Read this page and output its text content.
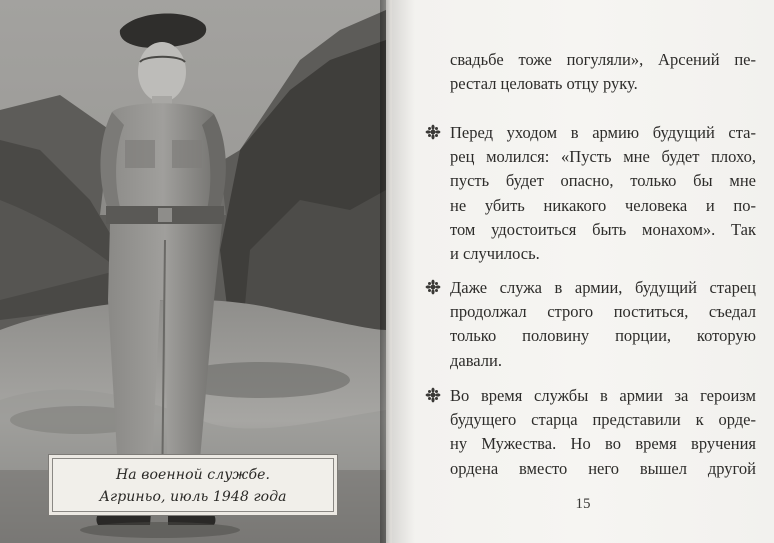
На военной службе.
Агриньо, июль 1948 года
свадьбе тоже погуляли», Арсений пе-
рестал целовать отцу руку.
Перед уходом в армию будущий ста-
рец молился: «Пусть мне будет плохо,
пусть будет опасно, только бы мне
не убить никакого человека и по-
том удостоиться быть монахом». Так
и случилось.
Даже служа в армии, будущий старец
продолжал строго поститься, съедал
только половину порции, которую
давали.
Во время службы в армии за героизм
будущего старца представили к орде-
ну Мужества. Но во время вручения
ордена вместо него вышел другой
15
